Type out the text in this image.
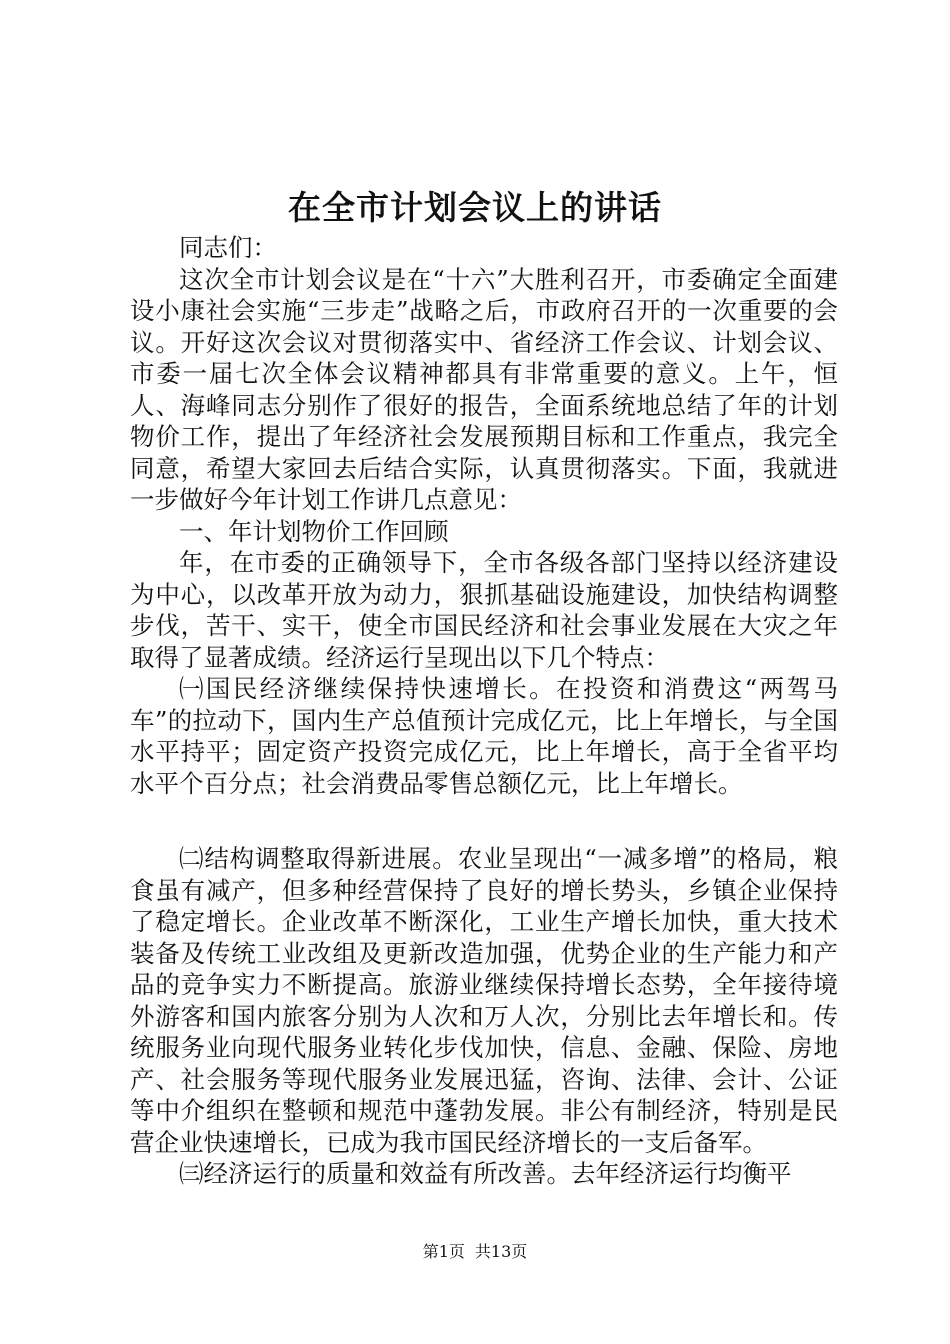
在全市计划会议上的讲话

同志们：

这次全市计划会议是在“十六”大胜利召开，市委确定全面建设小康社会实施“三步走”战略之后，市政府召开的一次重要的会议。开好这次会议对贯彻落实中、省经济工作会议、计划会议、市委一届七次全体会议精神都具有非常重要的意义。上午，恒人、海峰同志分别作了很好的报告，全面系统地总结了年的计划物价工作，提出了年经济社会发展预期目标和工作重点，我完全同意，希望大家回去后结合实际，认真贯彻落实。下面，我就进一步做好今年计划工作讲几点意见：

一、年计划物价工作回顾

年，在市委的正确领导下，全市各级各部门坚持以经济建设为中心，以改革开放为动力，狠抓基础设施建设，加快结构调整步伐，苦干、实干，使全市国民经济和社会事业发展在大灾之年取得了显著成绩。经济运行呈现出以下几个特点：

㈠国民经济继续保持快速增长。在投资和消费这“两驾马车”的拉动下，国内生产总值预计完成亿元，比上年增长，与全国水平持平；固定资产投资完成亿元，比上年增长，高于全省平均水平个百分点；社会消费品零售总额亿元，比上年增长。

㈡结构调整取得新进展。农业呈现出“一减多增”的格局，粮食虽有减产，但多种经营保持了良好的增长势头，乡镇企业保持了稳定增长。企业改革不断深化，工业生产增长加快，重大技术装备及传统工业改组及更新改造加强，优势企业的生产能力和产品的竞争实力不断提高。旅游业继续保持增长态势，全年接待境外游客和国内旅客分别为人次和万人次，分别比去年增长和。传统服务业向现代服务业转化步伐加快，信息、金融、保险、房地产、社会服务等现代服务业发展迅猛，咨询、法律、会计、公证等中介组织在整顿和规范中蓬勃发展。非公有制经济，特别是民营企业快速增长，已成为我市国民经济增长的一支后备军。

㈢经济运行的质量和效益有所改善。去年经济运行均衡平

第1页 共13页
